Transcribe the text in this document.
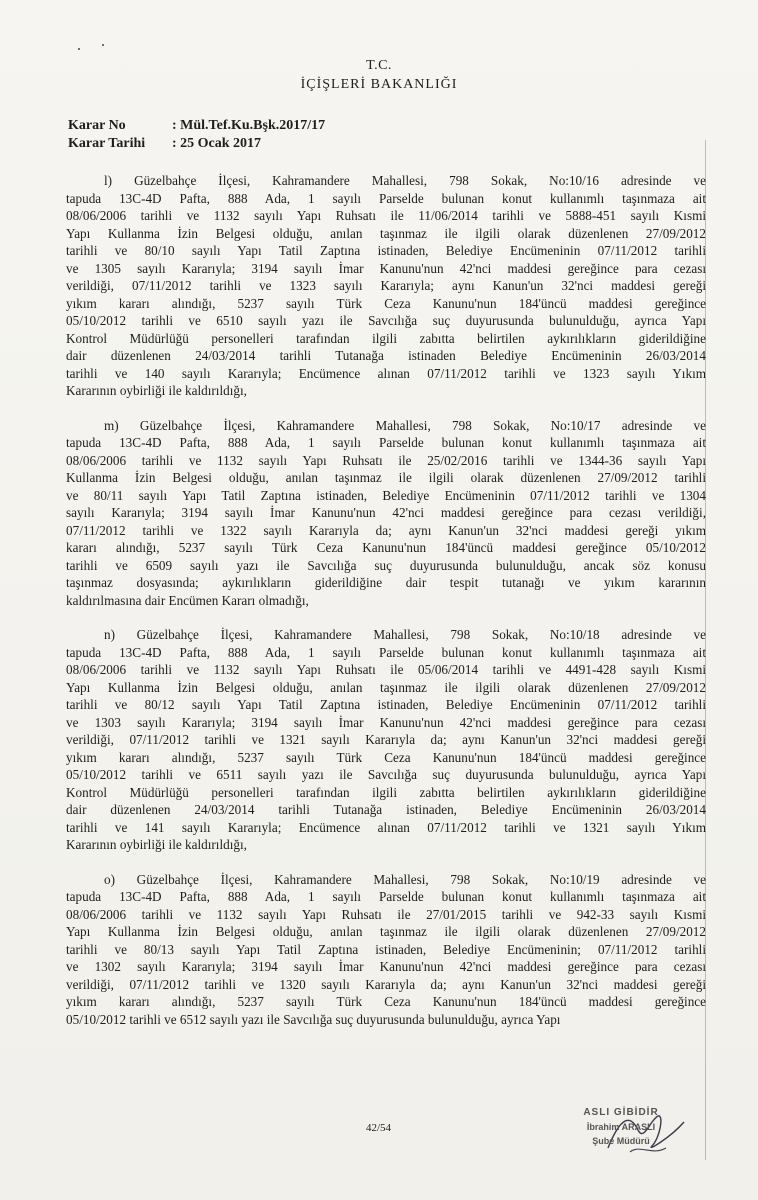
T.C.
İÇİŞLERİ BAKANLIĞI
Karar No	: Mül.Tef.Ku.Bşk.2017/17
Karar Tarihi : 25 Ocak 2017

l) Güzelbahçe İlçesi, Kahramandere Mahallesi, 798 Sokak, No:10/16 adresinde ve

tapuda 13C-4D Pafta, 888 Ada, 1 sayılı Parselde bulunan konut kullanımlı taşınmaza ait

08/06/2006 tarihli ve 1132 sayılı Yapı Ruhsatı ile 11/06/2014 tarihli ve 5888-451 sayılı Kısmi

Yapı Kullanma İzin Belgesi olduğu, anılan taşınmaz ile ilgili olarak düzenlenen 27/09/2012

tarihli ve 80/10 sayılı Yapı Tatil Zaptına istinaden, Belediye Encümeninin 07/11/2012 tarihli

ve 1305 sayılı Kararıyla; 3194 sayılı İmar Kanunu'nun 42'nci maddesi gereğince para cezası

verildiği, 07/11/2012 tarihli ve 1323 sayılı Kararıyla; aynı Kanun'un 32'nci maddesi gereği

yıkım kararı alındığı, 5237 sayılı Türk Ceza Kanunu'nun 184'üncü maddesi gereğince

05/10/2012 tarihli ve 6510 sayılı yazı ile Savcılığa suç duyurusunda bulunulduğu, ayrıca Yapı

Kontrol Müdürlüğü personelleri tarafından ilgili zabıtta belirtilen aykırılıkların giderildiğine

dair düzenlenen 24/03/2014 tarihli Tutanağa istinaden Belediye Encümeninin 26/03/2014

tarihli ve 140 sayılı Kararıyla; Encümence alınan 07/11/2012 tarihli ve 1323 sayılı Yıkım

Kararının oybirliği ile kaldırıldığı,

m) Güzelbahçe İlçesi, Kahramandere Mahallesi, 798 Sokak, No:10/17 adresinde ve

tapuda 13C-4D Pafta, 888 Ada, 1 sayılı Parselde bulunan konut kullanımlı taşınmaza ait

08/06/2006 tarihli ve 1132 sayılı Yapı Ruhsatı ile 25/02/2016 tarihli ve 1344-36 sayılı Yapı

Kullanma İzin Belgesi olduğu, anılan taşınmaz ile ilgili olarak düzenlenen 27/09/2012 tarihli

ve 80/11 sayılı Yapı Tatil Zaptına istinaden, Belediye Encümeninin 07/11/2012 tarihli ve 1304

sayılı Kararıyla; 3194 sayılı İmar Kanunu'nun 42'nci maddesi gereğince para cezası verildiği,

07/11/2012 tarihli ve 1322 sayılı Kararıyla da; aynı Kanun'un 32'nci maddesi gereği yıkım

kararı alındığı, 5237 sayılı Türk Ceza Kanunu'nun 184'üncü maddesi gereğince 05/10/2012

tarihli ve 6509 sayılı yazı ile Savcılığa suç duyurusunda bulunulduğu, ancak söz konusu

taşınmaz dosyasında; aykırılıkların giderildiğine dair tespit tutanağı ve yıkım kararının

kaldırılmasına dair Encümen Kararı olmadığı,

n) Güzelbahçe İlçesi, Kahramandere Mahallesi, 798 Sokak, No:10/18 adresinde ve

tapuda 13C-4D Pafta, 888 Ada, 1 sayılı Parselde bulunan konut kullanımlı taşınmaza ait

08/06/2006 tarihli ve 1132 sayılı Yapı Ruhsatı ile 05/06/2014 tarihli ve 4491-428 sayılı Kısmi

Yapı Kullanma İzin Belgesi olduğu, anılan taşınmaz ile ilgili olarak düzenlenen 27/09/2012

tarihli ve 80/12 sayılı Yapı Tatil Zaptına istinaden, Belediye Encümeninin 07/11/2012 tarihli

ve 1303 sayılı Kararıyla; 3194 sayılı İmar Kanunu'nun 42'nci maddesi gereğince para cezası

verildiği, 07/11/2012 tarihli ve 1321 sayılı Kararıyla da; aynı Kanun'un 32'nci maddesi gereği

yıkım kararı alındığı, 5237 sayılı Türk Ceza Kanunu'nun 184'üncü maddesi gereğince

05/10/2012 tarihli ve 6511 sayılı yazı ile Savcılığa suç duyurusunda bulunulduğu, ayrıca Yapı

Kontrol Müdürlüğü personelleri tarafından ilgili zabıtta belirtilen aykırılıkların giderildiğine

dair düzenlenen 24/03/2014 tarihli Tutanağa istinaden, Belediye Encümeninin 26/03/2014

tarihli ve 141 sayılı Kararıyla; Encümence alınan 07/11/2012 tarihli ve 1321 sayılı Yıkım

Kararının oybirliği ile kaldırıldığı,

o) Güzelbahçe İlçesi, Kahramandere Mahallesi, 798 Sokak, No:10/19 adresinde ve

tapuda 13C-4D Pafta, 888 Ada, 1 sayılı Parselde bulunan konut kullanımlı taşınmaza ait

08/06/2006 tarihli ve 1132 sayılı Yapı Ruhsatı ile 27/01/2015 tarihli ve 942-33 sayılı Kısmi

Yapı Kullanma İzin Belgesi olduğu, anılan taşınmaz ile ilgili olarak düzenlenen 27/09/2012

tarihli ve 80/13 sayılı Yapı Tatil Zaptına istinaden, Belediye Encümeninin; 07/11/2012 tarihli

ve 1302 sayılı Kararıyla; 3194 sayılı İmar Kanunu'nun 42'nci maddesi gereğince para cezası

verildiği, 07/11/2012 tarihli ve 1320 sayılı Kararıyla da; aynı Kanun'un 32'nci maddesi gereği

yıkım kararı alındığı, 5237 sayılı Türk Ceza Kanunu'nun 184'üncü maddesi gereğince

05/10/2012 tarihli ve 6512 sayılı yazı ile Savcılığa suç duyurusunda bulunulduğu, ayrıca Yapı

42/54
ASLI GİBİDİR
İbrahim ARASLI
Şube Müdürü
